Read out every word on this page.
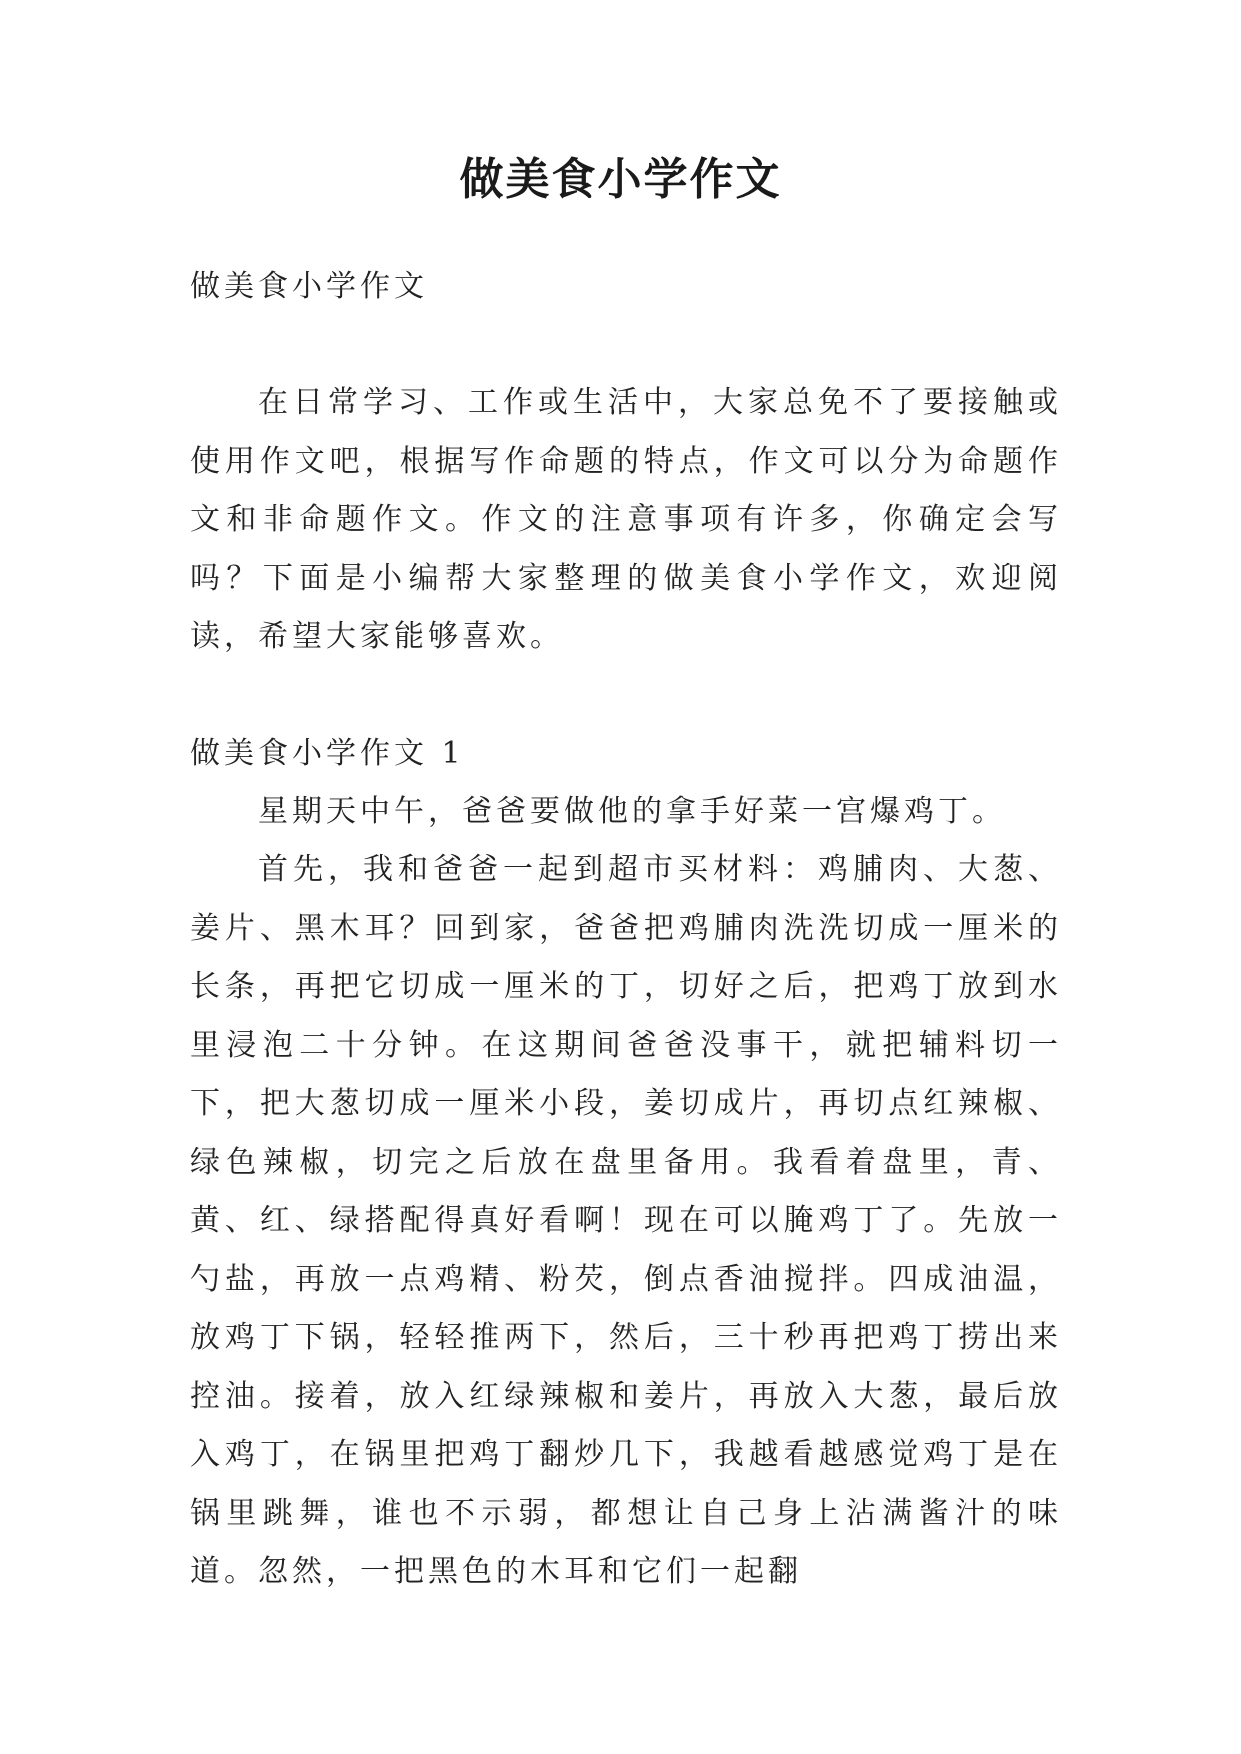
做美食小学作文

做美食小学作文

在日常学习、工作或生活中，大家总免不了要接触或使用作文吧，根据写作命题的特点，作文可以分为命题作文和非命题作文。作文的注意事项有许多，你确定会写吗？下面是小编帮大家整理的做美食小学作文，欢迎阅读，希望大家能够喜欢。

做美食小学作文 1

星期天中午，爸爸要做他的拿手好菜一宫爆鸡丁。

首先，我和爸爸一起到超市买材料：鸡脯肉、大葱、姜片、黑木耳？回到家，爸爸把鸡脯肉洗洗切成一厘米的长条，再把它切成一厘米的丁，切好之后，把鸡丁放到水里浸泡二十分钟。在这期间爸爸没事干，就把辅料切一下，把大葱切成一厘米小段，姜切成片，再切点红辣椒、绿色辣椒，切完之后放在盘里备用。我看着盘里，青、黄、红、绿搭配得真好看啊！现在可以腌鸡丁了。先放一勺盐，再放一点鸡精、粉芡，倒点香油搅拌。四成油温，放鸡丁下锅，轻轻推两下，然后，三十秒再把鸡丁捞出来控油。接着，放入红绿辣椒和姜片，再放入大葱，最后放入鸡丁，在锅里把鸡丁翻炒几下，我越看越感觉鸡丁是在锅里跳舞，谁也不示弱，都想让自己身上沾满酱汁的味道。忽然，一把黑色的木耳和它们一起翻
